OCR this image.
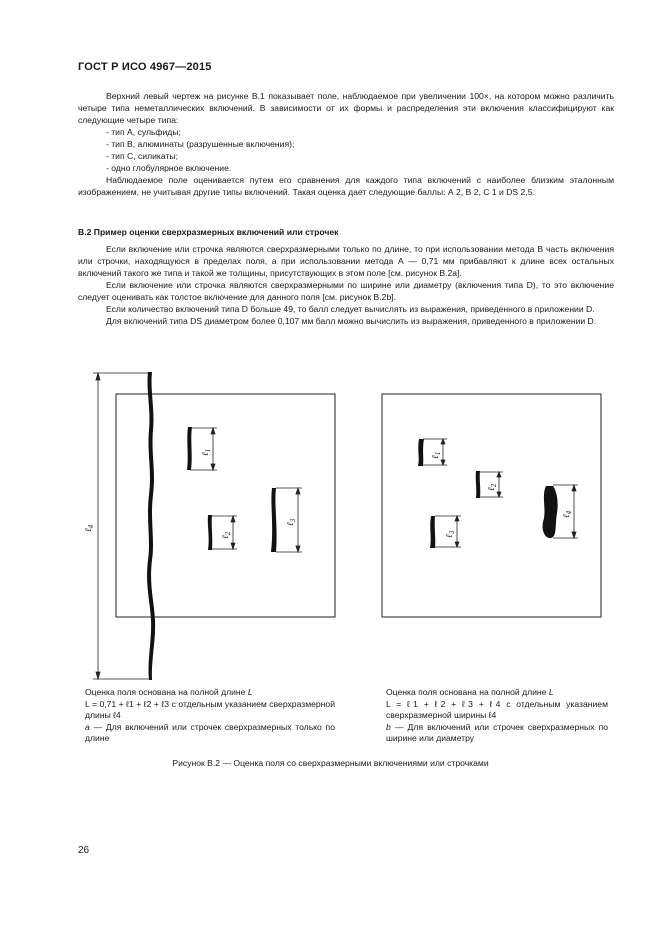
ГОСТ Р ИСО 4967—2015

Верхний левый чертеж на рисунке В.1 показывает поле, наблюдаемое при увеличении 100×, на котором можно различить четыре типа неметаллических включений. В зависимости от их формы и распределения эти включения классифицируют как следующие четыре типа:

- тип А, сульфиды;

- тип В, алюминаты (разрушенные включения);

- тип С, силикаты;

- одно глобулярное включение.

Наблюдаемое поле оценивается путем его сравнения для каждого типа включений с наиболее близким эталонным изображением, не учитывая другие типы включений. Такая оценка дает следующие баллы: А 2, В 2, С 1 и DS 2,5.

В.2 Пример оценки сверхразмерных включений или строчек

Если включение или строчка являются сверхразмерными только по длине, то при использовании метода В часть включения или строчки, находящуюся в пределах поля, а при использовании метода А — 0,71 мм прибавляют к длине всех остальных включений такого же типа и такой же толщины, присутствующих в этом поле [см. рисунок В.2а].

Если включение или строчка являются сверхразмерными по ширине или диаметру (включения типа D), то это включение следует оценивать как толстое включение для данного поля [см. рисунок В.2b].

Если количество включений типа D больше 49, то балл следует вычислять из выражения, приведенного в приложении D.

Для включений типа DS диаметром более 0,107 мм балл можно вычислить из выражения, приведенного в приложении D.

ℓ$_4$
ℓ$_1$
ℓ$_2$
ℓ$_3$
ℓ$_1$
ℓ$_2$
ℓ$_3$
ℓ$_4$

Оценка поля основана на полной длине L

L = 0,71 + ℓ1 + ℓ2 + ℓ3 с отдельным указанием сверхразмерной длины ℓ4

a — Для включений или строчек сверхразмерных только по длине

Оценка поля основана на полной длине L

L = ℓ1 + ℓ2 + ℓ3 + ℓ4 с отдельным указанием сверхразмерной ширины ℓ4

b — Для включений или строчек сверхразмерных по ширине или диаметру

Рисунок В.2 — Оценка поля со сверхразмерными включениями или строчками
26
